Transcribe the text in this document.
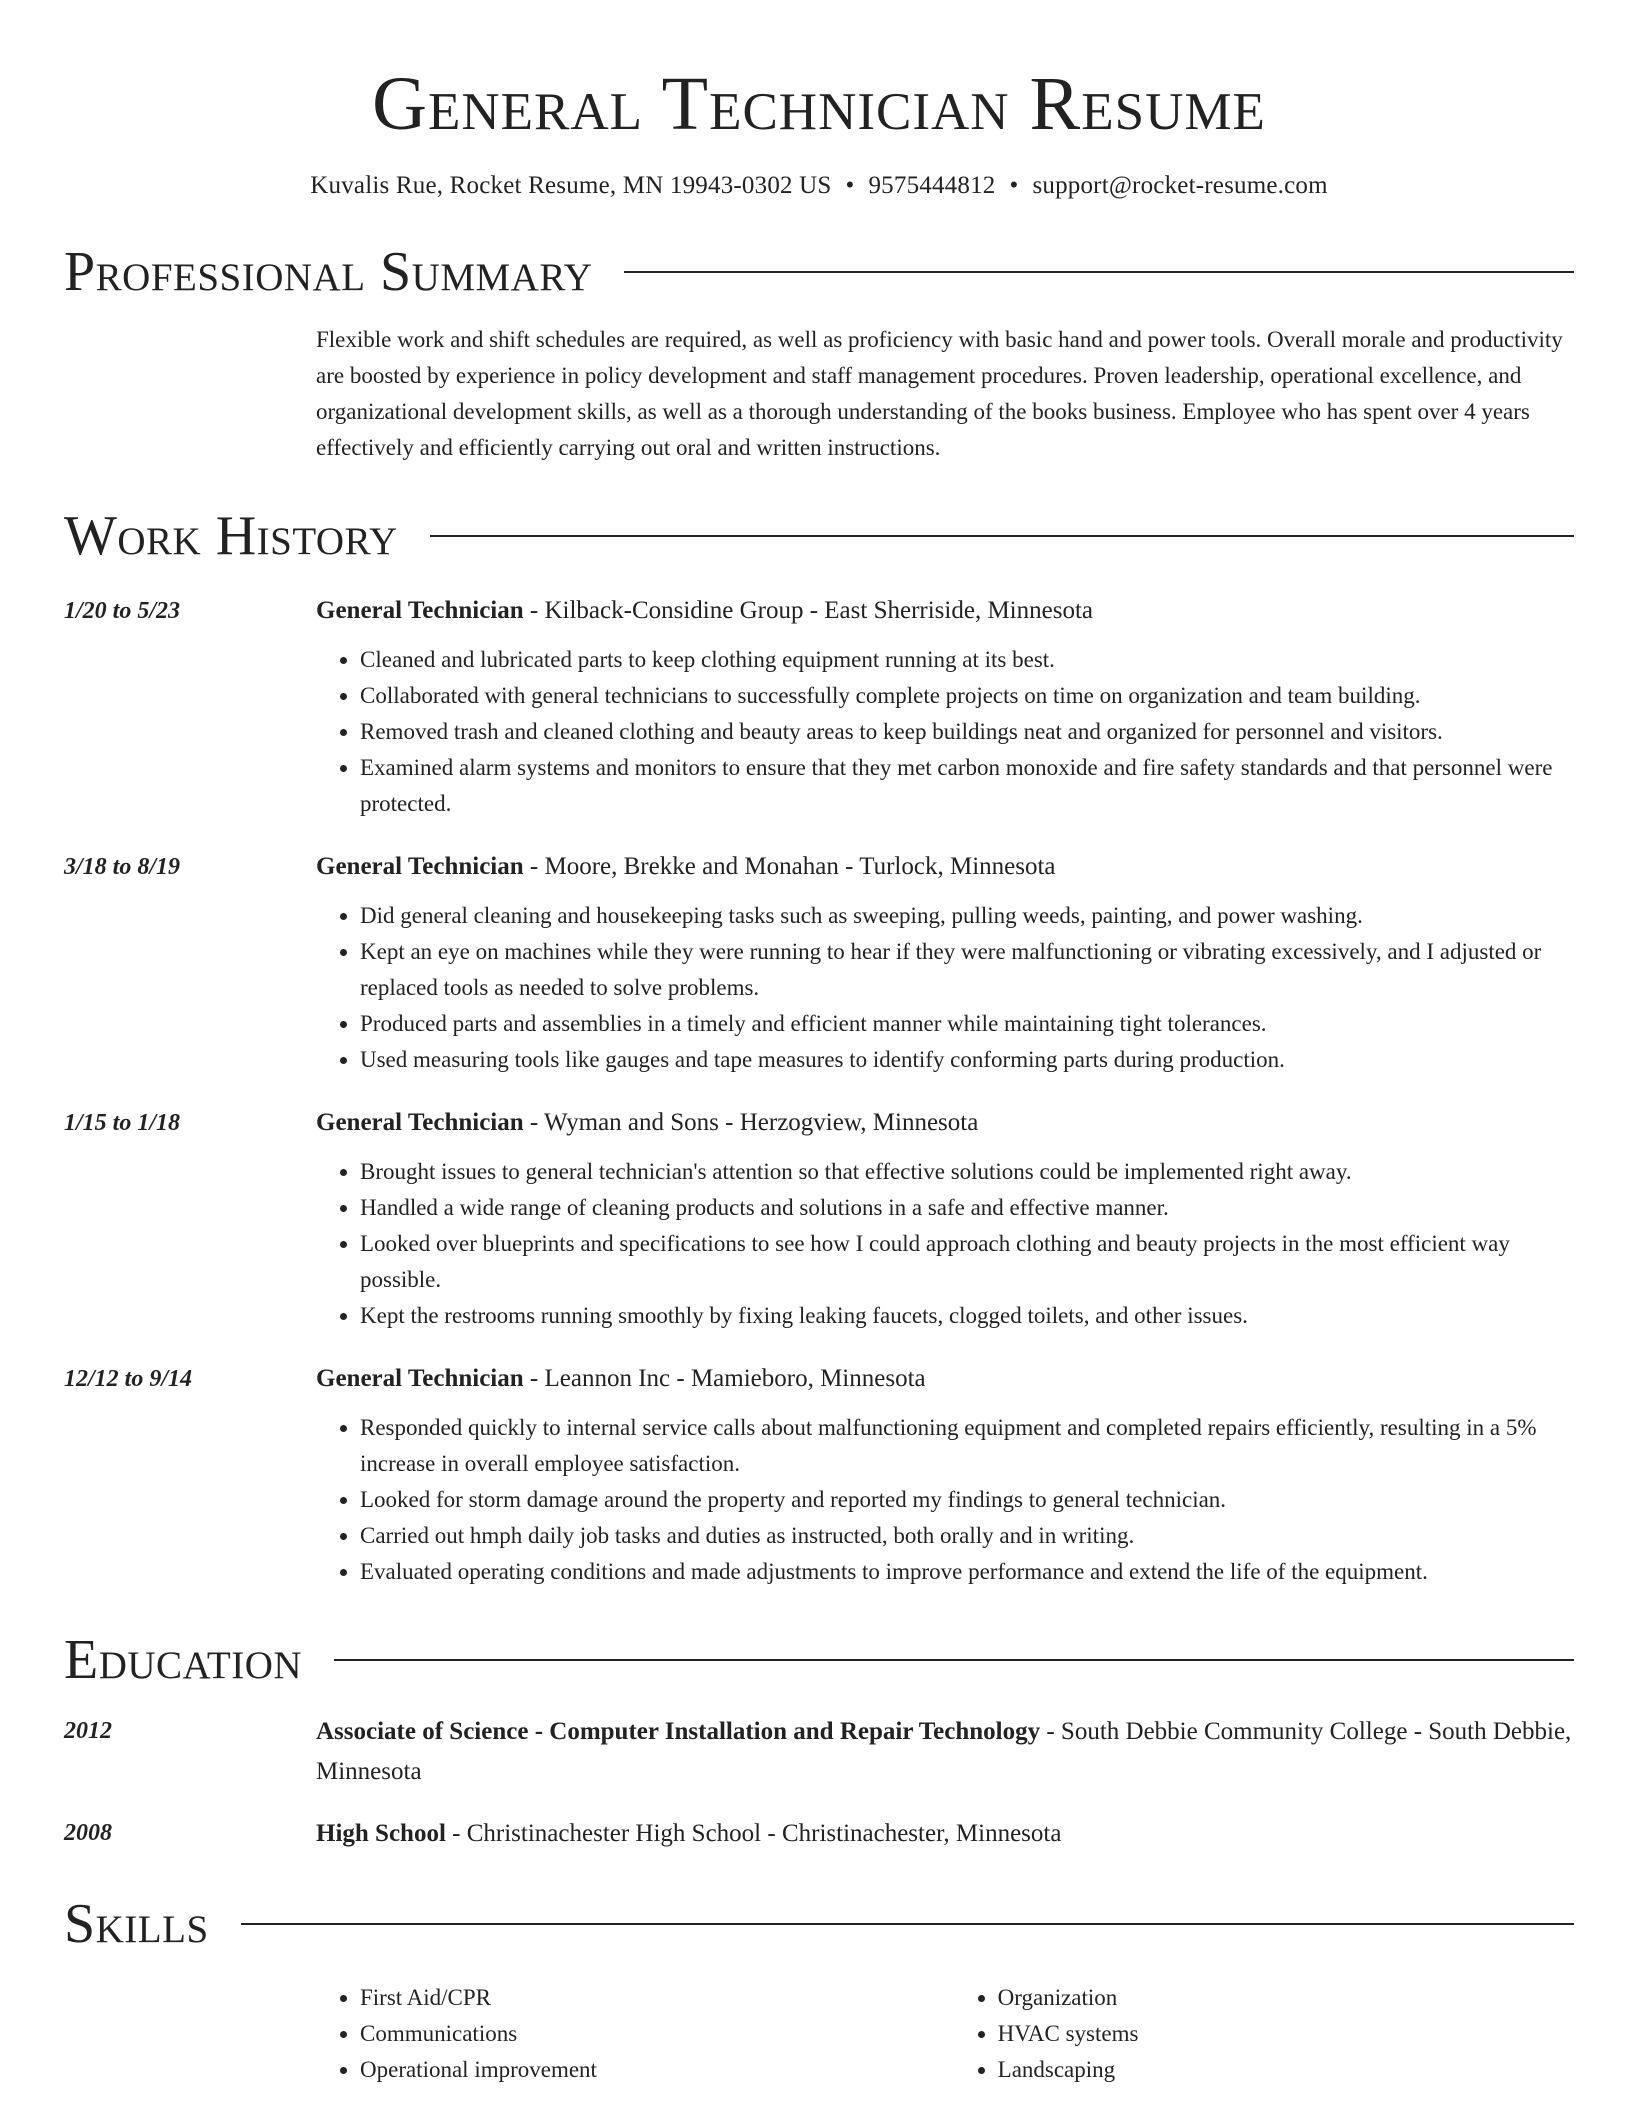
General Technician Resume
Kuvalis Rue, Rocket Resume, MN 19943-0302 US • 9575444812 • support@rocket-resume.com
Professional Summary
Flexible work and shift schedules are required, as well as proficiency with basic hand and power tools. Overall morale and productivity are boosted by experience in policy development and staff management procedures. Proven leadership, operational excellence, and organizational development skills, as well as a thorough understanding of the books business. Employee who has spent over 4 years effectively and efficiently carrying out oral and written instructions.
Work History
1/20 to 5/23	General Technician - Kilback-Considine Group - East Sherriside, Minnesota
• Cleaned and lubricated parts to keep clothing equipment running at its best.
• Collaborated with general technicians to successfully complete projects on time on organization and team building.
• Removed trash and cleaned clothing and beauty areas to keep buildings neat and organized for personnel and visitors.
• Examined alarm systems and monitors to ensure that they met carbon monoxide and fire safety standards and that personnel were protected.
3/18 to 8/19	General Technician - Moore, Brekke and Monahan - Turlock, Minnesota
• Did general cleaning and housekeeping tasks such as sweeping, pulling weeds, painting, and power washing.
• Kept an eye on machines while they were running to hear if they were malfunctioning or vibrating excessively, and I adjusted or replaced tools as needed to solve problems.
• Produced parts and assemblies in a timely and efficient manner while maintaining tight tolerances.
• Used measuring tools like gauges and tape measures to identify conforming parts during production.
1/15 to 1/18	General Technician - Wyman and Sons - Herzogview, Minnesota
• Brought issues to general technician's attention so that effective solutions could be implemented right away.
• Handled a wide range of cleaning products and solutions in a safe and effective manner.
• Looked over blueprints and specifications to see how I could approach clothing and beauty projects in the most efficient way possible.
• Kept the restrooms running smoothly by fixing leaking faucets, clogged toilets, and other issues.
12/12 to 9/14	General Technician - Leannon Inc - Mamieboro, Minnesota
• Responded quickly to internal service calls about malfunctioning equipment and completed repairs efficiently, resulting in a 5% increase in overall employee satisfaction.
• Looked for storm damage around the property and reported my findings to general technician.
• Carried out hmph daily job tasks and duties as instructed, both orally and in writing.
• Evaluated operating conditions and made adjustments to improve performance and extend the life of the equipment.
Education
2012	Associate of Science - Computer Installation and Repair Technology - South Debbie Community College - South Debbie, Minnesota
2008	High School - Christinachester High School - Christinachester, Minnesota
Skills
• First Aid/CPR
• Communications
• Operational improvement
• Organization
• HVAC systems
• Landscaping
